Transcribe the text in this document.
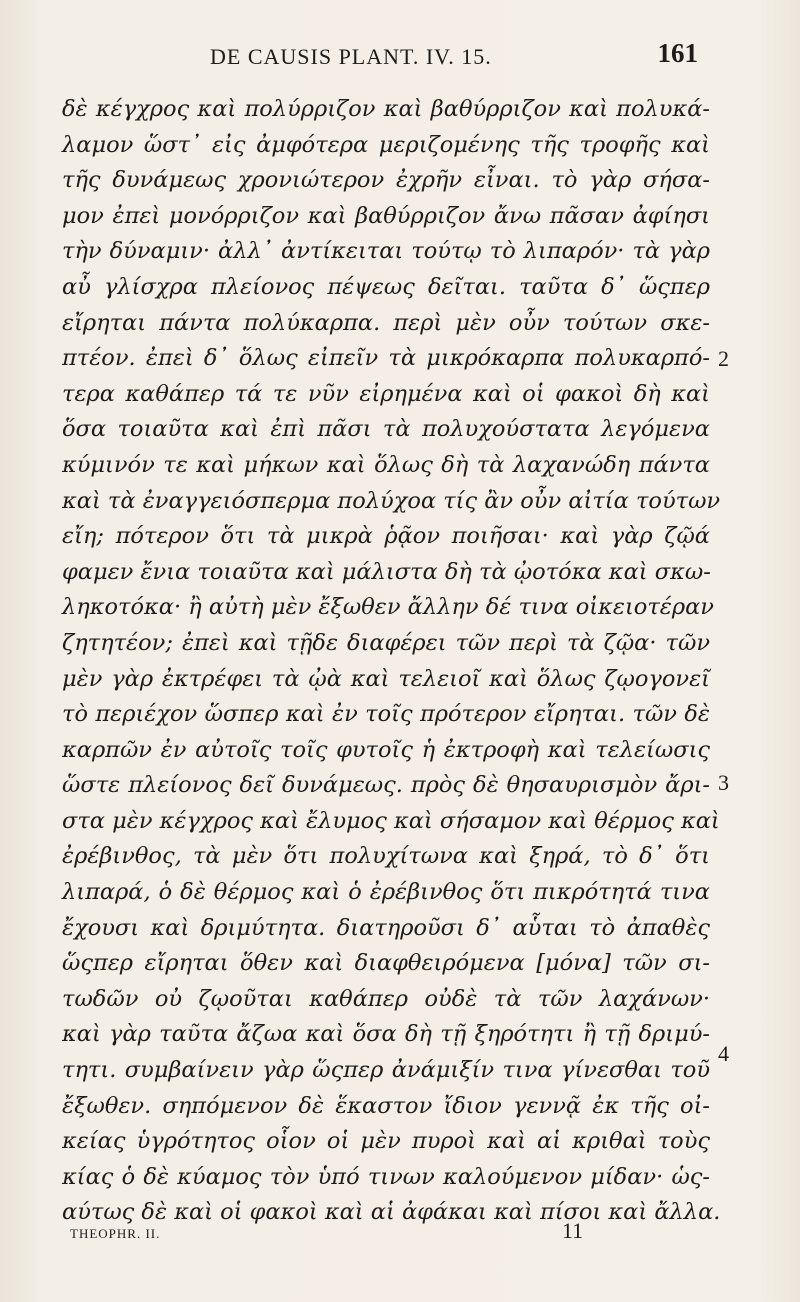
DE CAUSIS PLANT. IV. 15.	161
δὲ κέγχρος καὶ πολύρριζον καὶ βαθύρριζον καὶ πολυκά-
λαμον ὥστ᾽ εἰς ἀμφότερα μεριζομένης τῆς τροφῆς καὶ
τῆς δυνάμεως χρονιώτερον ἐχρῆν εἶναι. τὸ γὰρ σήσα-
μον ἐπεὶ μονόρριζον καὶ βαθύρριζον ἄνω πᾶσαν ἀφίησι
τὴν δύναμιν· ἀλλ᾽ ἀντίκειται τούτῳ τὸ λιπαρόν· τὰ γὰρ
αὖ γλίσχρα πλείονος πέψεως δεῖται. ταῦτα δ᾽ ὥςπερ
εἴρηται πάντα πολύκαρπα. περὶ μὲν οὖν τούτων σκε-
πτέον. ἐπεὶ δ᾽ ὅλως εἰπεῖν τὰ μικρόκαρπα πολυκαρπό-
τερα καθάπερ τά τε νῦν εἰρημένα καὶ οἱ φακοὶ δὴ καὶ
ὅσα τοιαῦτα καὶ ἐπὶ πᾶσι τὰ πολυχούστατα λεγόμενα
κύμινόν τε καὶ μήκων καὶ ὅλως δὴ τὰ λαχανώδη πάντα
καὶ τὰ ἐναγγειόσπερμα πολύχοα τίς ἂν οὖν αἰτία τούτων
εἴη; πότερον ὅτι τὰ μικρὰ ῥᾷον ποιῆσαι· καὶ γὰρ ζῷά
φαμεν ἔνια τοιαῦτα καὶ μάλιστα δὴ τὰ ᾠοτόκα καὶ σκω-
ληκοτόκα· ἢ αὐτὴ μὲν ἔξωθεν ἄλλην δέ τινα οἰκειοτέραν
ζητητέον; ἐπεὶ καὶ τῇδε διαφέρει τῶν περὶ τὰ ζῷα· τῶν
μὲν γὰρ ἐκτρέφει τὰ ᾠὰ καὶ τελειοῖ καὶ ὅλως ζῳογονεῖ
τὸ περιέχον ὥσπερ καὶ ἐν τοῖς πρότερον εἴρηται. τῶν δὲ
καρπῶν ἐν αὐτοῖς τοῖς φυτοῖς ἡ ἐκτροφὴ καὶ τελείωσις
ὥστε πλείονος δεῖ δυνάμεως. πρὸς δὲ θησαυρισμὸν ἄρι-
στα μὲν κέγχρος καὶ ἔλυμος καὶ σήσαμον καὶ θέρμος καὶ
ἐρέβινθος, τὰ μὲν ὅτι πολυχίτωνα καὶ ξηρά, τὸ δ᾽ ὅτι
λιπαρά, ὁ δὲ θέρμος καὶ ὁ ἐρέβινθος ὅτι πικρότητά τινα
ἔχουσι καὶ δριμύτητα. διατηροῦσι δ᾽ αὗται τὸ ἀπαθὲς
ὥςπερ εἴρηται ὅθεν καὶ διαφθειρόμενα [μόνα] τῶν σι-
τωδῶν οὐ ζῳοῦται καθάπερ οὐδὲ τὰ τῶν λαχάνων·
καὶ γὰρ ταῦτα ἄζωα καὶ ὅσα δὴ τῇ ξηρότητι ἢ τῇ δριμύ-
τητι. συμβαίνειν γὰρ ὥςπερ ἀνάμιξίν τινα γίνεσθαι τοῦ
ἔξωθεν. σηπόμενον δὲ ἕκαστον ἴδιον γεννᾷ ἐκ τῆς οἰ-
κείας ὑγρότητος οἷον οἱ μὲν πυροὶ καὶ αἱ κριθαὶ τοὺς
κίας ὁ δὲ κύαμος τὸν ὑπό τινων καλούμενον μίδαν· ὡς-
αύτως δὲ καὶ οἱ φακοὶ καὶ αἱ ἀφάκαι καὶ πίσοι καὶ ἄλλα.
2
3
4
THEOPHR. II.	11
